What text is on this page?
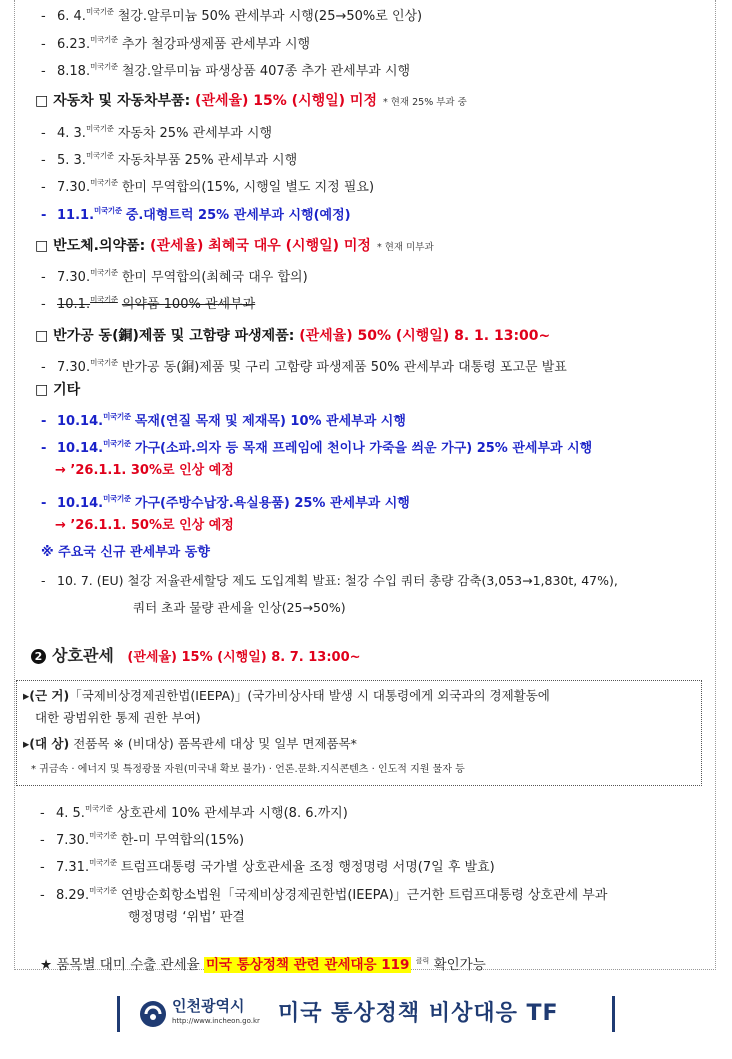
- 6. 4.$^{미국기준}$ 철강.알루미늄 50% 관세부과 시행(25→50%로 인상)
- 6.23.$^{미국기준}$ 추가 철강파생제품 관세부과 시행
- 8.18.$^{미국기준}$ 철강.알루미늄 파생상품 407종 추가 관세부과 시행
□ 자동차 및 자동차부품: (관세율) 15% (시행일) 미정 * 현재 25% 부과 중
- 4. 3.$^{미국기준}$ 자동차 25% 관세부과 시행
- 5. 3.$^{미국기준}$ 자동차부품 25% 관세부과 시행
- 7.30.$^{미국기준}$ 한미 무역합의(15%, 시행일 별도 지정 필요)
- 11.1.$^{미국기준}$ 중.대형트럭 25% 관세부과 시행(예정)
□ 반도체.의약품: (관세율) 최혜국 대우 (시행일) 미정 * 현재 미부과
- 7.30.$^{미국기준}$ 한미 무역합의(최혜국 대우 합의)
- 10.1.$^{미국기준}$ 의약품 100% 관세부과
□ 반가공 동(銅)제품 및 고함량 파생제품: (관세율) 50% (시행일) 8. 1. 13:00~
- 7.30.$^{미국기준}$ 반가공 동(銅)제품 및 구리 고함량 파생제품 50% 관세부과 대통령 포고문 발표
□ 기타
- 10.14.$^{미국기준}$ 목재(연질 목재 및 제재목) 10% 관세부과 시행
- 10.14.$^{미국기준}$ 가구(소파.의자 등 목재 프레임에 천이나 가죽을 씌운 가구) 25% 관세부과 시행
→ ’26.1.1. 30%로 인상 예정
- 10.14.$^{미국기준}$ 가구(주방수납장.욕실용품) 25% 관세부과 시행
→ ’26.1.1. 50%로 인상 예정
※ 주요국 신규 관세부과 동향
- 10. 7. (EU) 철강 저율관세할당 제도 도입계획 발표: 철강 수입 쿼터 총량 감축(3,053→1,830t, 47%),
쿼터 초과 물량 관세율 인상(25→50%)
2 상호관세 (관세율) 15% (시행일) 8. 7. 13:00~
▸(근 거)「국제비상경제권한법(IEEPA)」(국가비상사태 발생 시 대통령에게 외국과의 경제활동에
대한 광범위한 통제 권한 부여)
▸(대 상) 전품목 ※ (비대상) 품목관세 대상 및 일부 면제품목*
* 귀금속 · 에너지 및 특정광물 자원(미국내 확보 불가) · 언론.문화.지식콘텐츠 · 인도적 지원 물자 등
- 4. 5.$^{미국기준}$ 상호관세 10% 관세부과 시행(8. 6.까지)
- 7.30.$^{미국기준}$ 한-미 무역합의(15%)
- 7.31.$^{미국기준}$ 트럼프대통령 국가별 상호관세율 조정 행정명령 서명(7일 후 발효)
- 8.29.$^{미국기준}$ 연방순회항소법원「국제비상경제권한법(IEEPA)」근거한 트럼프대통령 상호관세 부과
행정명령 ‘위법’ 판결
★ 품목별 대미 수출 관세율 미국 통상정책 관련 관세대응 119 $^{클릭}$ 확인가능
인천광역시
http://www.incheon.go.kr 미국 통상정책 비상대응 TF
